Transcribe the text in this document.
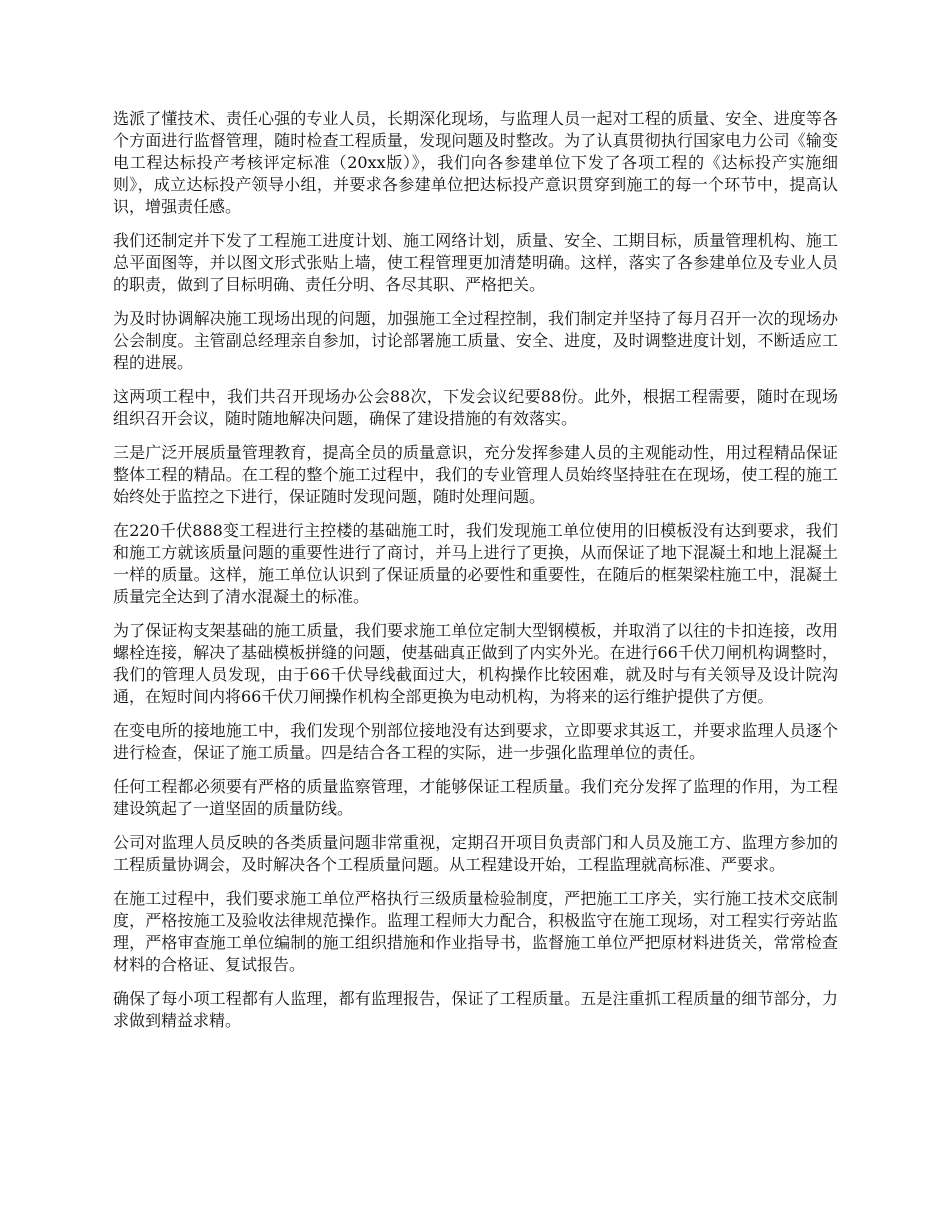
选派了懂技术、责任心强的专业人员，长期深化现场，与监理人员一起对工程的质量、安全、进度等各个方面进行监督管理，随时检查工程质量，发现问题及时整改。为了认真贯彻执行国家电力公司《输变电工程达标投产考核评定标准（20xx版）》，我们向各参建单位下发了各项工程的《达标投产实施细则》，成立达标投产领导小组，并要求各参建单位把达标投产意识贯穿到施工的每一个环节中，提高认识，增强责任感。

我们还制定并下发了工程施工进度计划、施工网络计划，质量、安全、工期目标，质量管理机构、施工总平面图等，并以图文形式张贴上墙，使工程管理更加清楚明确。这样，落实了各参建单位及专业人员的职责，做到了目标明确、责任分明、各尽其职、严格把关。

为及时协调解决施工现场出现的问题，加强施工全过程控制，我们制定并坚持了每月召开一次的现场办公会制度。主管副总经理亲自参加，讨论部署施工质量、安全、进度，及时调整进度计划，不断适应工程的进展。

这两项工程中，我们共召开现场办公会88次，下发会议纪要88份。此外，根据工程需要，随时在现场组织召开会议，随时随地解决问题，确保了建设措施的有效落实。

三是广泛开展质量管理教育，提高全员的质量意识，充分发挥参建人员的主观能动性，用过程精品保证整体工程的精品。在工程的整个施工过程中，我们的专业管理人员始终坚持驻在在现场，使工程的施工始终处于监控之下进行，保证随时发现问题，随时处理问题。

在220千伏888变工程进行主控楼的基础施工时，我们发现施工单位使用的旧模板没有达到要求，我们和施工方就该质量问题的重要性进行了商讨，并马上进行了更换，从而保证了地下混凝土和地上混凝土一样的质量。这样，施工单位认识到了保证质量的必要性和重要性，在随后的框架梁柱施工中，混凝土质量完全达到了清水混凝土的标准。

为了保证构支架基础的施工质量，我们要求施工单位定制大型钢模板，并取消了以往的卡扣连接，改用螺栓连接，解决了基础模板拼缝的问题，使基础真正做到了内实外光。在进行66千伏刀闸机构调整时，我们的管理人员发现，由于66千伏导线截面过大，机构操作比较困难，就及时与有关领导及设计院沟通，在短时间内将66千伏刀闸操作机构全部更换为电动机构，为将来的运行维护提供了方便。

在变电所的接地施工中，我们发现个别部位接地没有达到要求，立即要求其返工，并要求监理人员逐个进行检查，保证了施工质量。四是结合各工程的实际，进一步强化监理单位的责任。

任何工程都必须要有严格的质量监察管理，才能够保证工程质量。我们充分发挥了监理的作用，为工程建设筑起了一道坚固的质量防线。

公司对监理人员反映的各类质量问题非常重视，定期召开项目负责部门和人员及施工方、监理方参加的工程质量协调会，及时解决各个工程质量问题。从工程建设开始，工程监理就高标准、严要求。

在施工过程中，我们要求施工单位严格执行三级质量检验制度，严把施工工序关，实行施工技术交底制度，严格按施工及验收法律规范操作。监理工程师大力配合，积极监守在施工现场，对工程实行旁站监理，严格审查施工单位编制的施工组织措施和作业指导书，监督施工单位严把原材料进货关，常常检查材料的合格证、复试报告。

确保了每小项工程都有人监理，都有监理报告，保证了工程质量。五是注重抓工程质量的细节部分，力求做到精益求精。
